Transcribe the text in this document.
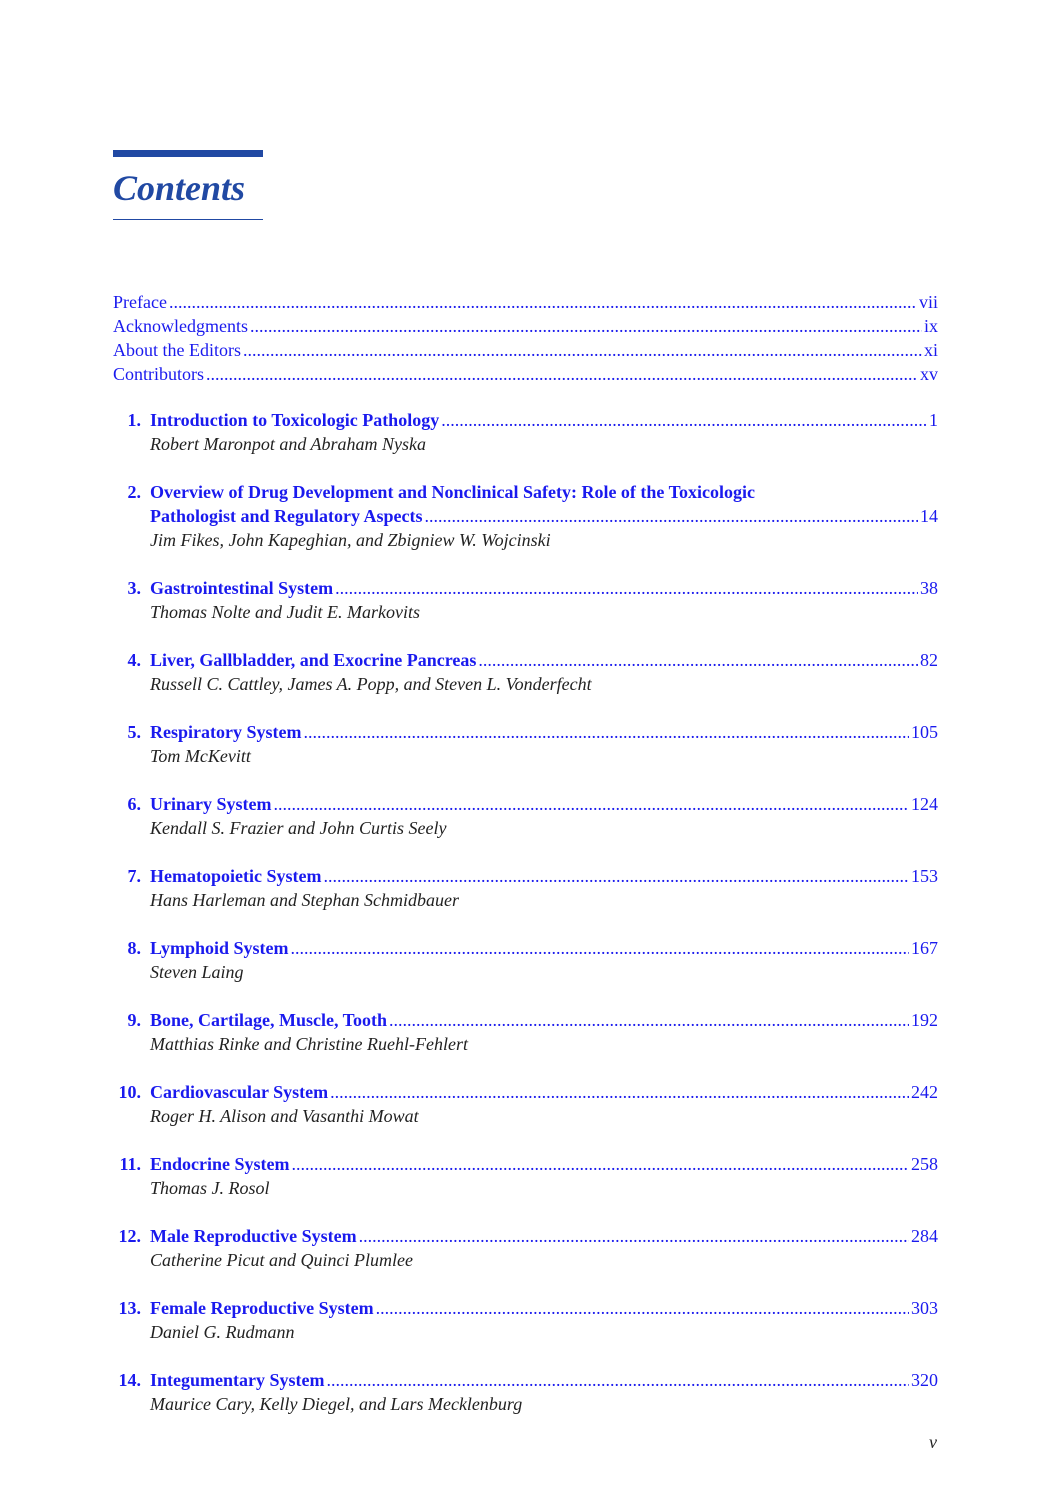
Contents
Preface .....	vii
Acknowledgments .....	ix
About the Editors .....	xi
Contributors .....	xv
1. Introduction to Toxicologic Pathology .....	1
Robert Maronpot and Abraham Nyska
2. Overview of Drug Development and Nonclinical Safety: Role of the Toxicologic
Pathologist and Regulatory Aspects .....	14
Jim Fikes, John Kapeghian, and Zbigniew W. Wojcinski
3. Gastrointestinal System .....	38
Thomas Nolte and Judit E. Markovits
4. Liver, Gallbladder, and Exocrine Pancreas .....	82
Russell C. Cattley, James A. Popp, and Steven L. Vonderfecht
5. Respiratory System .....	105
Tom McKevitt
6. Urinary System .....	124
Kendall S. Frazier and John Curtis Seely
7. Hematopoietic System .....	153
Hans Harleman and Stephan Schmidbauer
8. Lymphoid System .....	167
Steven Laing
9. Bone, Cartilage, Muscle, Tooth .....	192
Matthias Rinke and Christine Ruehl-Fehlert
10. Cardiovascular System .....	242
Roger H. Alison and Vasanthi Mowat
11. Endocrine System .....	258
Thomas J. Rosol
12. Male Reproductive System .....	284
Catherine Picut and Quinci Plumlee
13. Female Reproductive System .....	303
Daniel G. Rudmann
14. Integumentary System .....	320
Maurice Cary, Kelly Diegel, and Lars Mecklenburg
v
